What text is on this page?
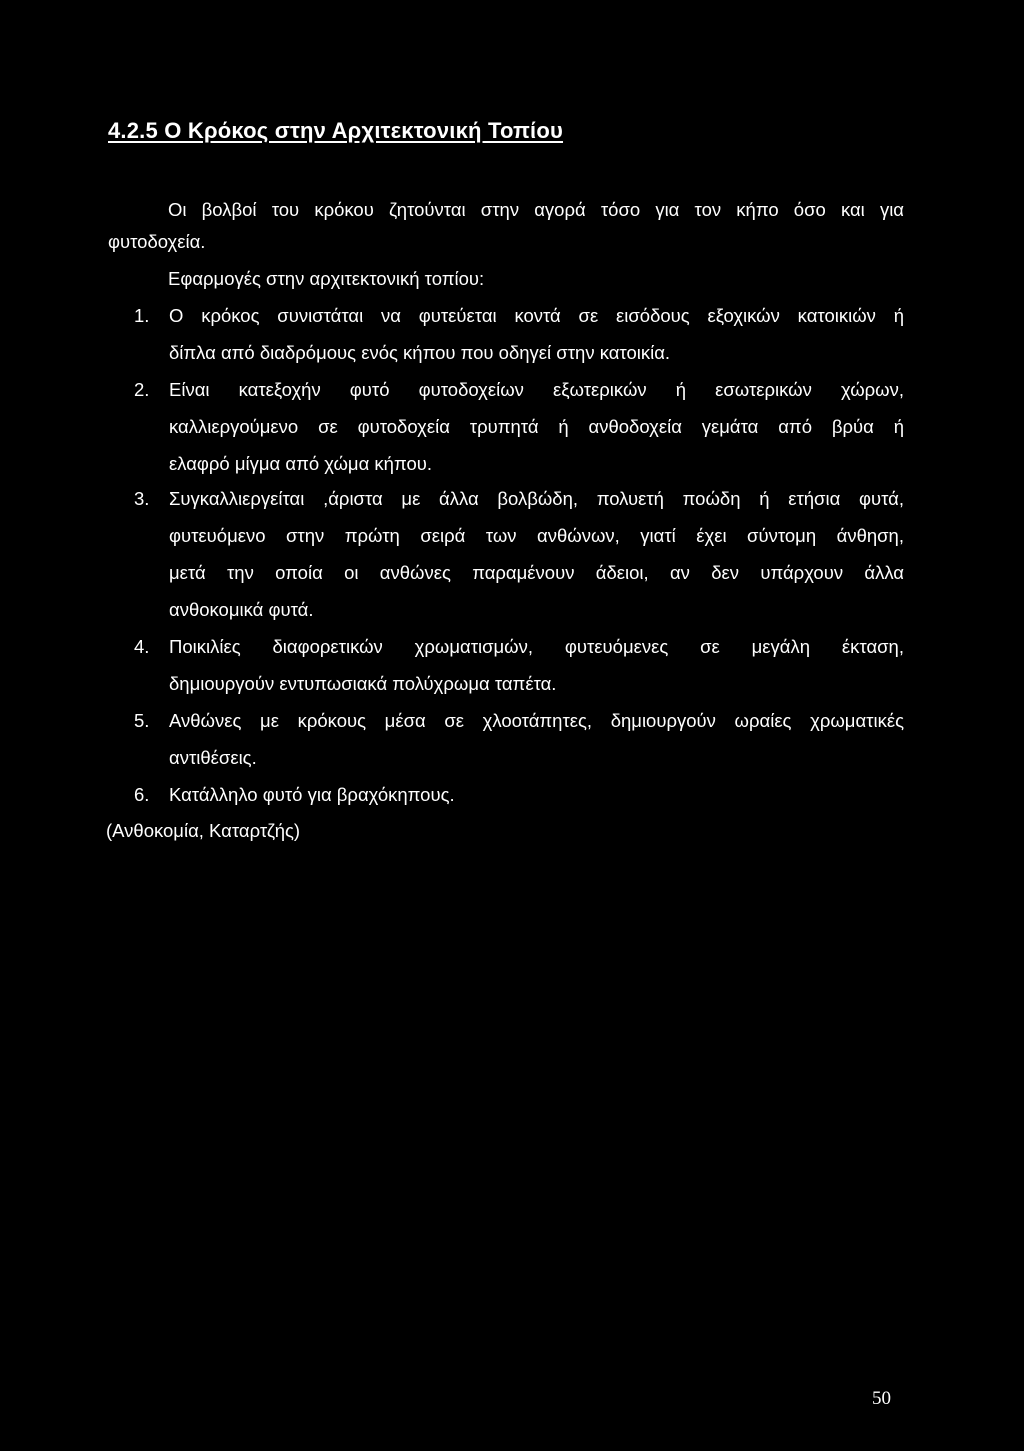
4.2.5 Ο Κρόκος στην Αρχιτεκτονική Τοπίου
Οι βολβοί του κρόκου ζητούνται στην αγορά τόσο για τον κήπο όσο και για
φυτοδοχεία.
Εφαρμογές στην αρχιτεκτονική τοπίου:
1. Ο κρόκος συνιστάται να φυτεύεται κοντά σε εισόδους εξοχικών κατοικιών ή
δίπλα από διαδρόμους ενός κήπου που οδηγεί στην κατοικία.
2. Είναι κατεξοχήν φυτό φυτοδοχείων εξωτερικών ή εσωτερικών χώρων,
καλλιεργούμενο σε φυτοδοχεία τρυπητά ή ανθοδοχεία γεμάτα από βρύα ή
ελαφρό μίγμα από χώμα κήπου.
3. Συγκαλλιεργείται ,άριστα με άλλα βολβώδη, πολυετή ποώδη ή ετήσια φυτά,
φυτευόμενο στην πρώτη σειρά των ανθώνων, γιατί έχει σύντομη άνθηση,
μετά την οποία οι ανθώνες παραμένουν άδειοι, αν δεν υπάρχουν άλλα
ανθοκομικά φυτά.
4. Ποικιλίες διαφορετικών χρωματισμών, φυτευόμενες σε μεγάλη έκταση,
δημιουργούν εντυπωσιακά πολύχρωμα ταπέτα.
5. Ανθώνες με κρόκους μέσα σε χλοοτάπητες, δημιουργούν ωραίες χρωματικές
αντιθέσεις.
6. Κατάλληλο φυτό για βραχόκηπους.
(Ανθοκομία, Καταρτζής)
50
